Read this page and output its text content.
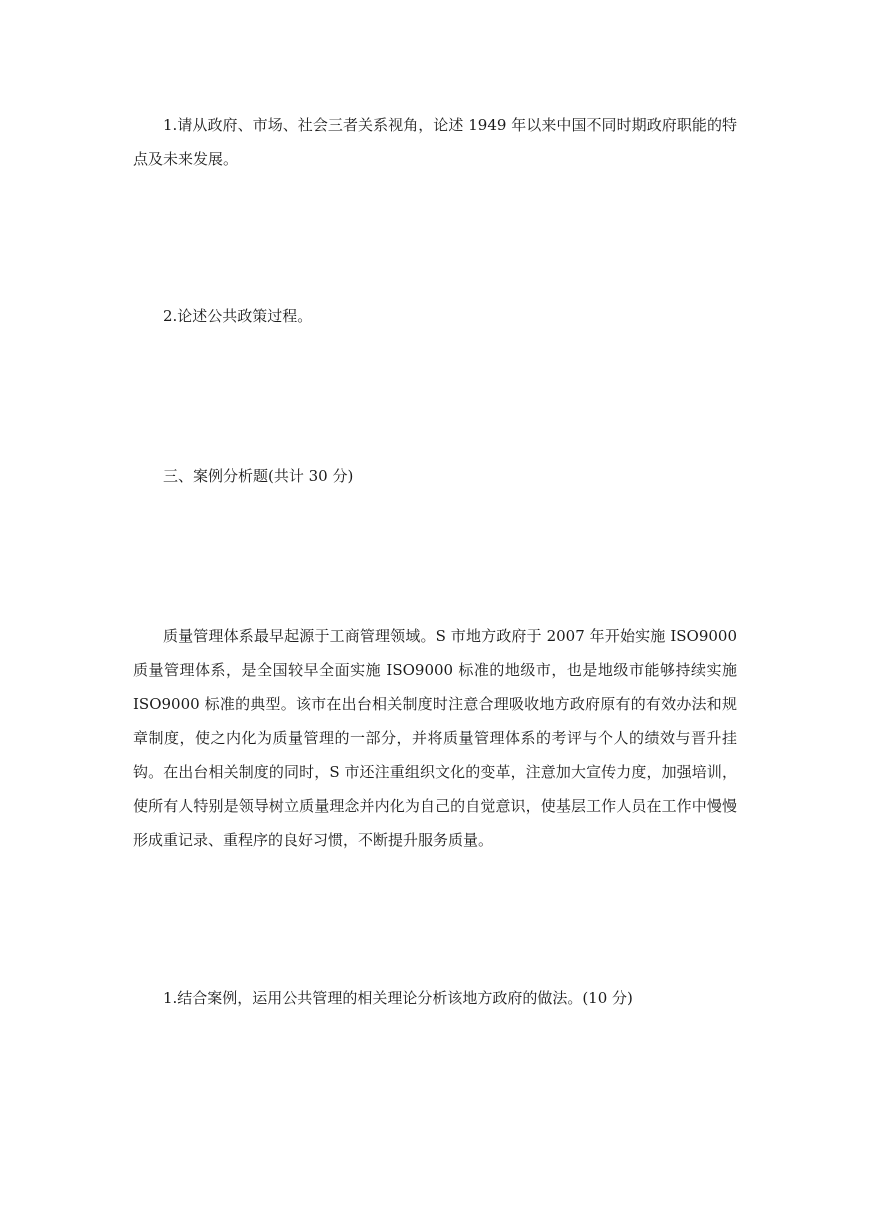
1.请从政府、市场、社会三者关系视角，论述 1949 年以来中国不同时期政府职能的特点及未来发展。

2.论述公共政策过程。

三、案例分析题(共计 30 分)

质量管理体系最早起源于工商管理领域。S 市地方政府于 2007 年开始实施 ISO9000 质量管理体系，是全国较早全面实施 ISO9000 标准的地级市，也是地级市能够持续实施 ISO9000 标准的典型。该市在出台相关制度时注意合理吸收地方政府原有的有效办法和规章制度，使之内化为质量管理的一部分，并将质量管理体系的考评与个人的绩效与晋升挂钩。在出台相关制度的同时，S 市还注重组织文化的变革，注意加大宣传力度，加强培训，使所有人特别是领导树立质量理念并内化为自己的自觉意识，使基层工作人员在工作中慢慢形成重记录、重程序的良好习惯，不断提升服务质量。

1.结合案例，运用公共管理的相关理论分析该地方政府的做法。(10 分)
